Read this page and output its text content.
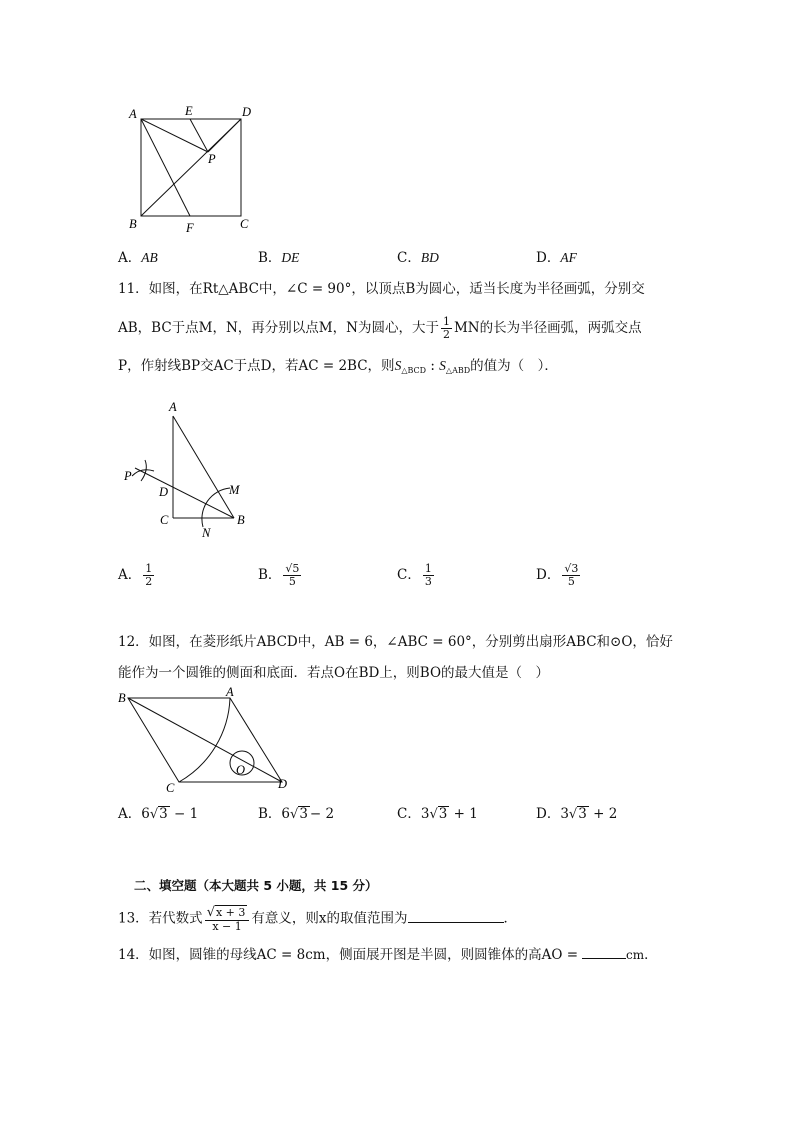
A	E	D
P
B	F	C
A．AB	B．DE	C．BD	D．AF
11．如图，在Rt△ABC中，∠C = 90°，以顶点B为圆心，适当长度为半径画弧，分别交
AB，BC于点M，N，再分别以点M，N为圆心，大于 $\frac{1}{2}$ MN的长为半径画弧，两弧交点
P，作射线BP交AC于点D，若AC = 2BC，则$S_{\triangle BCD}$ : $S_{\triangle ABD}$的值为（　）．
A
P
D	M
C	B
N
A． $\frac{1}{2}$	B． $\frac{√5}{5}$	C． $\frac{1}{3}$	D． $\frac{√3}{5}$
12．如图，在菱形纸片ABCD中，AB = 6，∠ABC = 60°，分别剪出扇形ABC和⊙O，恰好
能作为一个圆锥的侧面和底面．若点O在BD上，则BO的最大值是（　）
B	A
O
C	D
A．6√3 − 1	B．6√3 − 2	C．3√3 + 1	D．3√3 + 2
二、填空题（本大题共 5 小题，共 15 分）
13．若代数式 $\frac{√x + 3}{x - 1}$ 有意义，则x的取值范围为	．
14．如图，圆锥的母线AC = 8cm，侧面展开图是半圆，则圆锥体的高AO =	cm．
